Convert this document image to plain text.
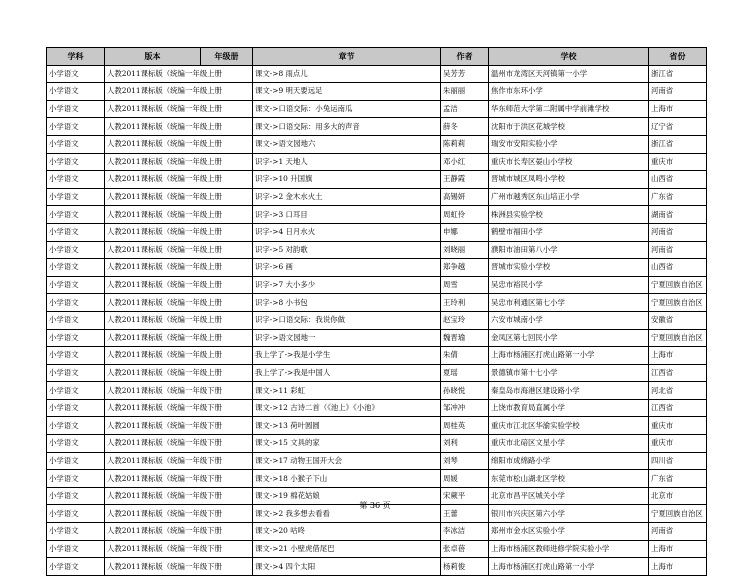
学科	版本	年级册	章节	作者	学校	省份
小学语文	人教2011课标版（统编一年级上册		课文->8 雨点儿	吴芳芳	温州市龙湾区天河镇第一小学	浙江省
小学语文	人教2011课标版（统编一年级上册		课文->9 明天要远足	朱丽丽	焦作市东环小学	河南省
小学语文	人教2011课标版（统编一年级上册		课文->口语交际：小兔运南瓜	孟洁	华东师范大学第二附属中学前滩学校	上海市
小学语文	人教2011课标版（统编一年级上册		课文->口语交际：用多大的声音	薛冬	沈阳市于洪区花城学校	辽宁省
小学语文	人教2011课标版（统编一年级上册		课文->语文园地六	陈莉莉	瑞安市安阳实验小学	浙江省
小学语文	人教2011课标版（统编一年级上册		识字->1 天地人	邓小红	重庆市长寿区晏山小学校	重庆市
小学语文	人教2011课标版（统编一年级上册		识字->10 升国旗	王静霞	晋城市城区凤鸣小学校	山西省
小学语文	人教2011课标版（统编一年级上册		识字->2 金木水火土	高锡妍	广州市越秀区东山培正小学	广东省
小学语文	人教2011课标版（统编一年级上册		识字->3 口耳目	周虹伶	株洲县实验学校	湖南省
小学语文	人教2011课标版（统编一年级上册		识字->4 日月水火	申娜	鹤壁市福田小学	河南省
小学语文	人教2011课标版（统编一年级上册		识字->5 对韵歌	刘晓丽	濮阳市油田第八小学	河南省
小学语文	人教2011课标版（统编一年级上册		识字->6 画	郑争越	晋城市实验小学校	山西省
小学语文	人教2011课标版（统编一年级上册		识字->7 大小多少	周雪	吴忠市裕民小学	宁夏回族自治区
小学语文	人教2011课标版（统编一年级上册		识字->8 小书包	王玲利	吴忠市利通区第七小学	宁夏回族自治区
小学语文	人教2011课标版（统编一年级上册		识字->口语交际：我说你做	赵宝玲	六安市城南小学	安徽省
小学语文	人教2011课标版（统编一年级上册		识字->语文园地一	魏晋瑜	金凤区第七回民小学	宁夏回族自治区
小学语文	人教2011课标版（统编一年级上册		我上学了->我是小学生	朱倩	上海市杨浦区打虎山路第一小学	上海市
小学语文	人教2011课标版（统编一年级上册		我上学了->我是中国人	夏瑶	景德镇市第十七小学	江西省
小学语文	人教2011课标版（统编一年级下册		课文->11 彩虹	孙晓悦	秦皇岛市海港区建设路小学	河北省
小学语文	人教2011课标版（统编一年级下册		课文->12 古诗二首（《池上》《小池》	邹冲冲	上饶市教育局直属小学	江西省
小学语文	人教2011课标版（统编一年级下册		课文->13 荷叶圆圆	周桂英	重庆市江北区华渝实验学校	重庆市
小学语文	人教2011课标版（统编一年级下册		课文->15 文具的家	刘利	重庆市北碚区文星小学	重庆市
小学语文	人教2011课标版（统编一年级下册		课文->17 动物王国开大会	刘琴	绵阳市成绵路小学	四川省
小学语文	人教2011课标版（统编一年级下册		课文->18 小猴子下山	周媛	东莞市松山湖北区学校	广东省
小学语文	人教2011课标版（统编一年级下册		课文->19 棉花姑娘	宋蕨平	北京市昌平区城关小学	北京市
小学语文	人教2011课标版（统编一年级下册		课文->2 我多想去看看	王蕾	银川市兴庆区第六小学	宁夏回族自治区
小学语文	人教2011课标版（统编一年级下册		课文->20 咕咚	李冰洁	郑州市金水区实验小学	河南省
小学语文	人教2011课标版（统编一年级下册		课文->21 小壁虎借尾巴	张卓蓓	上海市杨浦区教师进修学院实验小学	上海市
小学语文	人教2011课标版（统编一年级下册		课文->4 四个太阳	杨莉俊	上海市杨浦区打虎山路第一小学	上海市
第 36 页
